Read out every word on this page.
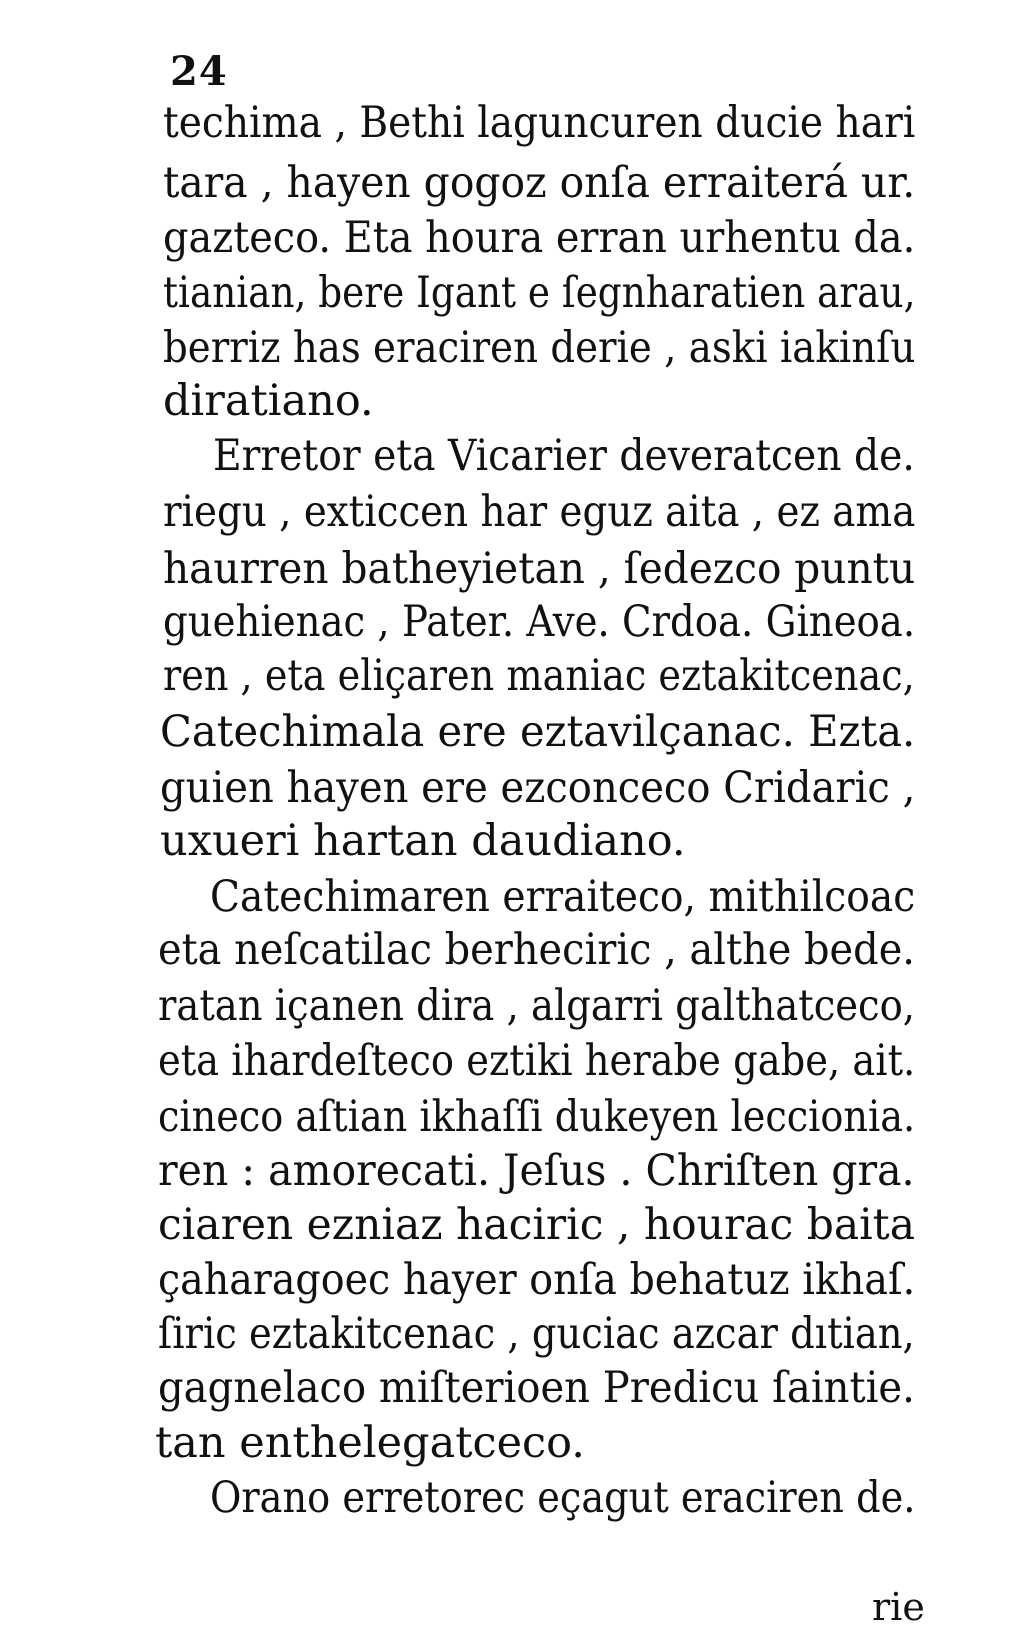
24
techima , Bethi laguncuren ducie hari
tara , hayen gogoz onſa erraiterá ur.
gazteco. Eta houra erran urhentu da.
tianian, bere Igant e ſegnharatien arau,
berriz has eraciren derie , aski iakinſu
diratiano.
Erretor eta Vicarier deveratcen de.
riegu , exticcen har eguz aita , ez ama
haurren batheyietan , ſedezco puntu
guehienac , Pater. Ave. Crdoa. Gineoa.
ren , eta eliçaren maniac eztakitcenac,
Catechimala ere eztavilçanac. Ezta.
guien hayen ere ezconceco Cridaric ,
uxueri hartan daudiano.
Catechimaren erraiteco, mithilcoac
eta neſcatilac berheciric , althe bede.
ratan içanen dira , algarri galthatceco,
eta ihardeſteco eztiki herabe gabe, ait.
cineco aſtian ikhaſſi dukeyen leccionia.
ren : amorecati. Jeſus . Chriſten gra.
ciaren ezniaz haciric , hourac baita
çaharagoec hayer onſa behatuz ikhaſ.
ſiric eztakitcenac , guciac azcar dıtian,
gagnelaco miſterioen Predicu ſaintie.
tan enthelegatceco.
Orano erretorec eçagut eraciren de.
rie
